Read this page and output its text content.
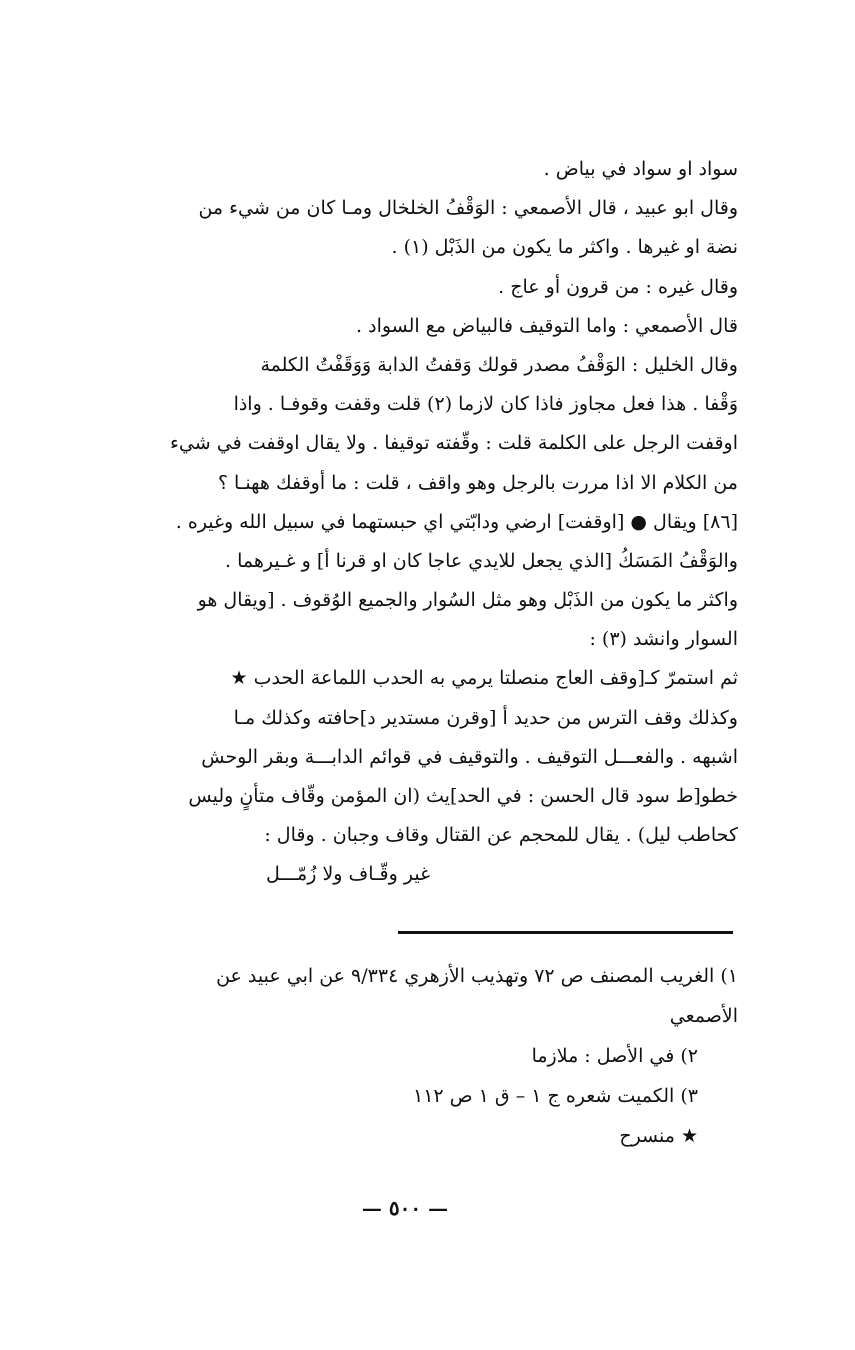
سواد او سواد في بياض .
وقال ابو عبيد ، قال الأصمعي : الوَقْفُ الخلخال ومـا كان من شيء من
نضة او غيرها . واكثر ما يكون من الذَبْل (١) .
وقال غيره : من قرون أو عاج .
قال الأصمعي : واما التوقيف فالبياض مع السواد .
وقال الخليل : الوَقْفُ مصدر قولك وَقفتُ الدابة وَوَقَفْتُ الكلمة
وَقْفا . هذا فعل مجاوز فاذا كان لازما (٢) قلت وقفت وقوفـا . واذا
اوقفت الرجل على الكلمة قلت : وقّفته توقيفا . ولا يقال اوقفت في شيء
من الكلام الا اذا مررت بالرجل وهو واقف ، قلت : ما أوقفك ههنـا ؟
[٨٦] ويقال ● [اوقفت] ارضي ودابّتي اي حبستهما في سبيل الله وغيره .
والوَقْفُ المَسَكُ [الذي يجعل للايدي عاجا كان او قرنا أ] و غـيرهما .
واكثر ما يكون من الذَبْل وهو مثل السُوار والجميع الوُقوف . [ويقال هو
السوار وانشد (٣) :
ثم استمرّ كـ[وقف العاج منصلتا يرمي به الحدب اللماعة الحدب ★
وكذلك وقف الترس من حديد أ [وقرن مستدير د]حافته وكذلك مـا
اشبهه . والفعـــل التوقيف . والتوقيف في قوائم الدابـــة وبقر الوحش
خطو[ط سود قال الحسن : في الحد]يث (ان المؤمن وقّاف متأنٍ وليس
كحاطب ليل) . يقال للمحجم عن القتال وقاف وجبان . وقال :
غير وقّـاف ولا زُمّـــل
١) الغريب المصنف ص ٧٢ وتهذيب الأزهري ٩/٣٣٤ عن ابي عبيد عن
الأصمعي
٢) في الأصل : ملازما
٣) الكميت شعره ج ١ – ق ١ ص ١١٢
★ منسرح
— ٥٠٠ —
